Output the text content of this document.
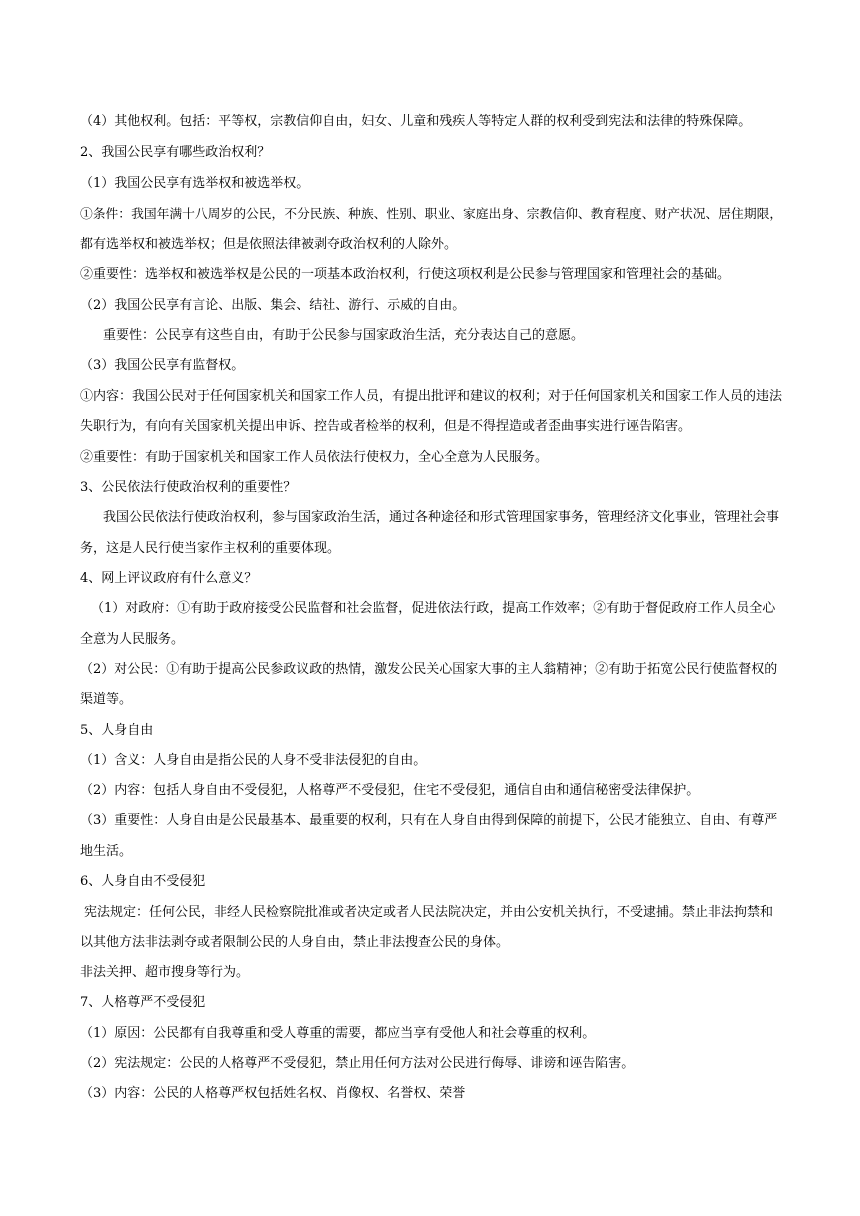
（4）其他权利。包括：平等权，宗教信仰自由，妇女、儿童和残疾人等特定人群的权利受到宪法和法律的特殊保障。
2、我国公民享有哪些政治权利？
（1）我国公民享有选举权和被选举权。
①条件：我国年满十八周岁的公民，不分民族、种族、性别、职业、家庭出身、宗教信仰、教育程度、财产状况、居住期限，
都有选举权和被选举权；但是依照法律被剥夺政治权利的人除外。
②重要性：选举权和被选举权是公民的一项基本政治权利，行使这项权利是公民参与管理国家和管理社会的基础。
（2）我国公民享有言论、出版、集会、结社、游行、示威的自由。
重要性：公民享有这些自由，有助于公民参与国家政治生活，充分表达自己的意愿。
（3）我国公民享有监督权。
①内容：我国公民对于任何国家机关和国家工作人员，有提出批评和建议的权利；对于任何国家机关和国家工作人员的违法
失职行为，有向有关国家机关提出申诉、控告或者检举的权利，但是不得捏造或者歪曲事实进行诬告陷害。
②重要性：有助于国家机关和国家工作人员依法行使权力，全心全意为人民服务。
3、公民依法行使政治权利的重要性？
我国公民依法行使政治权利，参与国家政治生活，通过各种途径和形式管理国家事务，管理经济文化事业，管理社会事
务，这是人民行使当家作主权利的重要体现。
4、网上评议政府有什么意义？
（1）对政府：①有助于政府接受公民监督和社会监督，促进依法行政，提高工作效率；②有助于督促政府工作人员全心
全意为人民服务。
（2）对公民：①有助于提高公民参政议政的热情，激发公民关心国家大事的主人翁精神；②有助于拓宽公民行使监督权的
渠道等。
5、人身自由
（1）含义：人身自由是指公民的人身不受非法侵犯的自由。
（2）内容：包括人身自由不受侵犯，人格尊严不受侵犯，住宅不受侵犯，通信自由和通信秘密受法律保护。
（3）重要性：人身自由是公民最基本、最重要的权利，只有在人身自由得到保障的前提下，公民才能独立、自由、有尊严
地生活。
6、人身自由不受侵犯
宪法规定：任何公民，非经人民检察院批准或者决定或者人民法院决定，并由公安机关执行，不受逮捕。禁止非法拘禁和
以其他方法非法剥夺或者限制公民的人身自由，禁止非法搜查公民的身体。
非法关押、超市搜身等行为。
7、人格尊严不受侵犯
（1）原因：公民都有自我尊重和受人尊重的需要，都应当享有受他人和社会尊重的权利。
（2）宪法规定：公民的人格尊严不受侵犯，禁止用任何方法对公民进行侮辱、诽谤和诬告陷害。
（3）内容：公民的人格尊严权包括姓名权、肖像权、名誉权、荣誉
